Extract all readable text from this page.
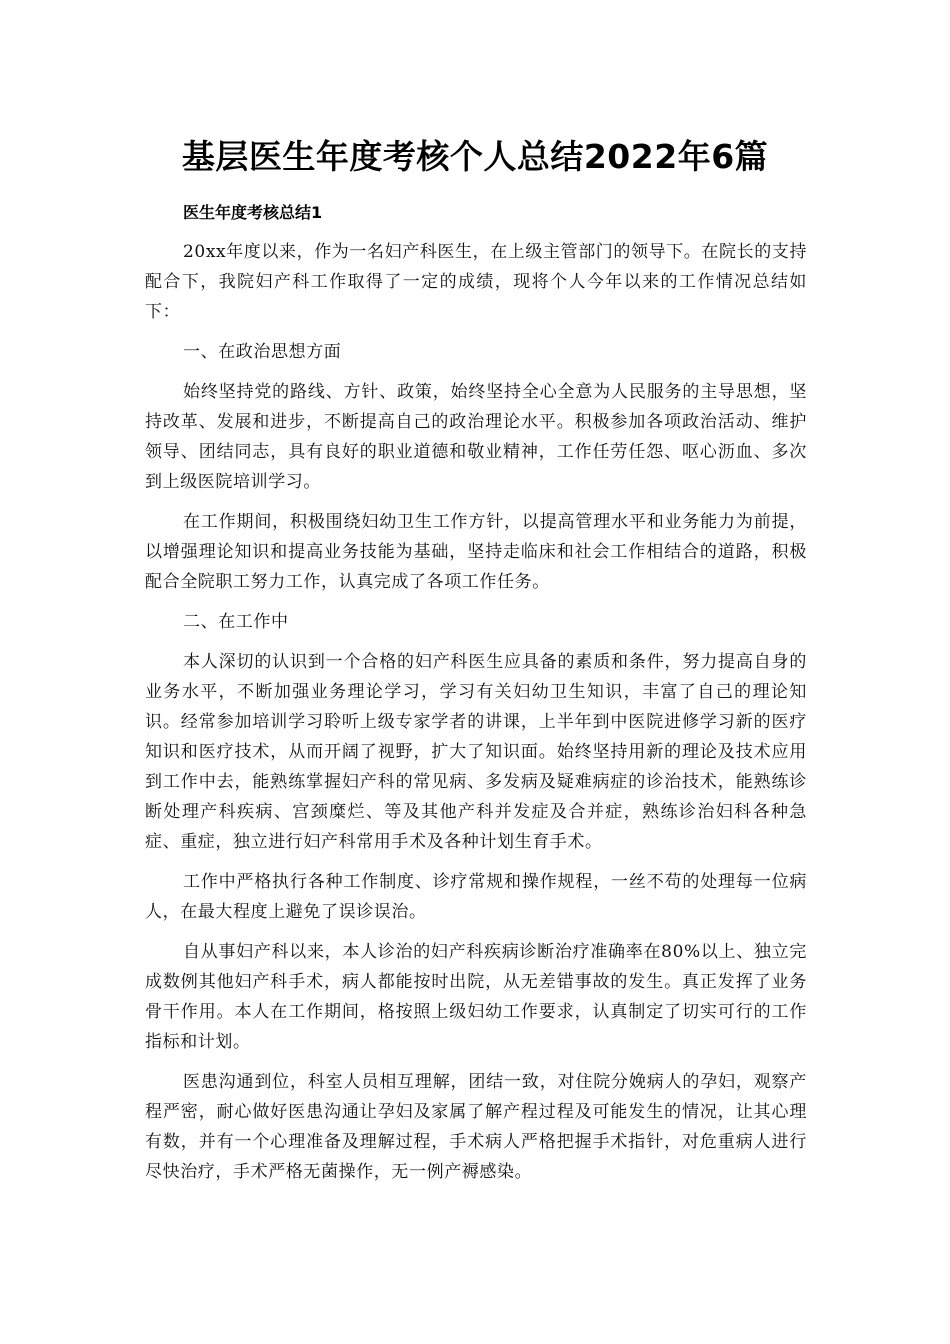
基层医生年度考核个人总结2022年6篇
医生年度考核总结1

20xx年度以来，作为一名妇产科医生，在上级主管部门的领导下。在院长的支持配合下，我院妇产科工作取得了一定的成绩，现将个人今年以来的工作情况总结如下：

一、在政治思想方面

始终坚持党的路线、方针、政策，始终坚持全心全意为人民服务的主导思想，坚持改革、发展和进步，不断提高自己的政治理论水平。积极参加各项政治活动、维护领导、团结同志，具有良好的职业道德和敬业精神，工作任劳任怨、呕心沥血、多次到上级医院培训学习。

在工作期间，积极围绕妇幼卫生工作方针，以提高管理水平和业务能力为前提，以增强理论知识和提高业务技能为基础，坚持走临床和社会工作相结合的道路，积极配合全院职工努力工作，认真完成了各项工作任务。

二、在工作中

本人深切的认识到一个合格的妇产科医生应具备的素质和条件，努力提高自身的业务水平，不断加强业务理论学习，学习有关妇幼卫生知识，丰富了自己的理论知识。经常参加培训学习聆听上级专家学者的讲课，上半年到中医院进修学习新的医疗知识和医疗技术，从而开阔了视野，扩大了知识面。始终坚持用新的理论及技术应用到工作中去，能熟练掌握妇产科的常见病、多发病及疑难病症的诊治技术，能熟练诊断处理产科疾病、宫颈糜烂、等及其他产科并发症及合并症，熟练诊治妇科各种急症、重症，独立进行妇产科常用手术及各种计划生育手术。

工作中严格执行各种工作制度、诊疗常规和操作规程，一丝不苟的处理每一位病人，在最大程度上避免了误诊误治。

自从事妇产科以来，本人诊治的妇产科疾病诊断治疗准确率在80%以上、独立完成数例其他妇产科手术，病人都能按时出院，从无差错事故的发生。真正发挥了业务骨干作用。本人在工作期间，格按照上级妇幼工作要求，认真制定了切实可行的工作指标和计划。

医患沟通到位，科室人员相互理解，团结一致，对住院分娩病人的孕妇，观察产程严密，耐心做好医患沟通让孕妇及家属了解产程过程及可能发生的情况，让其心理有数，并有一个心理准备及理解过程，手术病人严格把握手术指针，对危重病人进行尽快治疗，手术严格无菌操作，无一例产褥感染。
